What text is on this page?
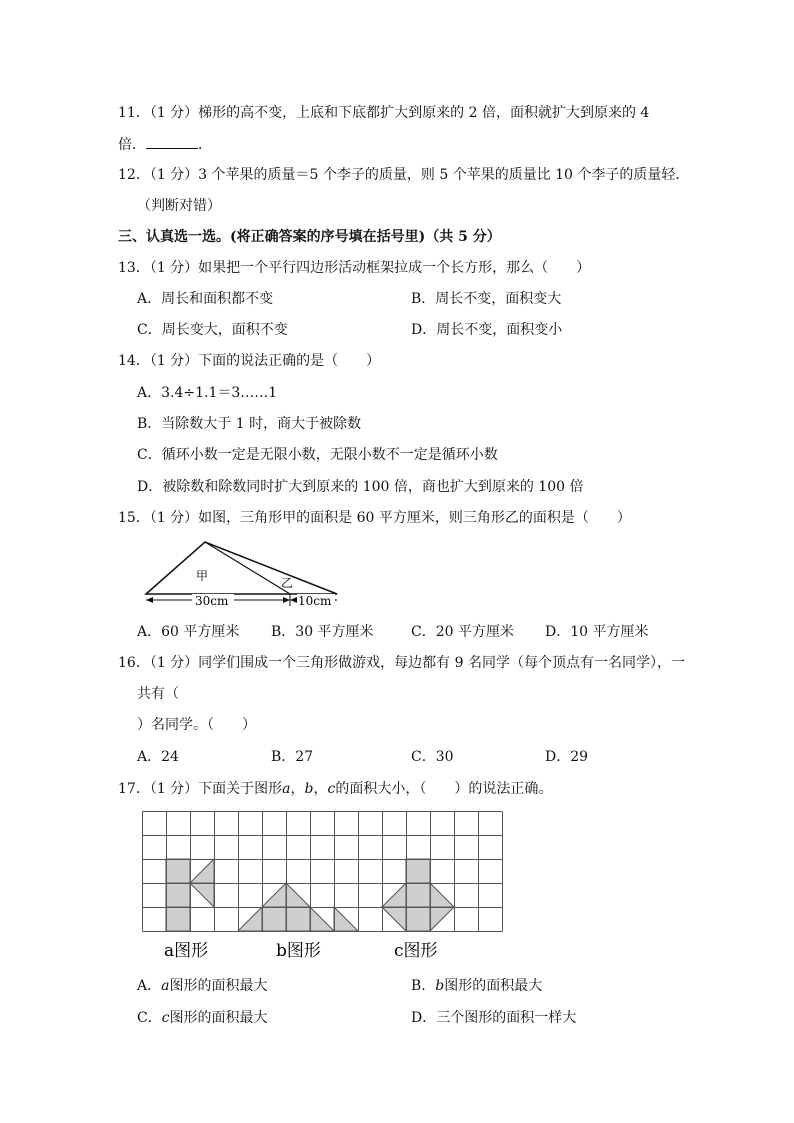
11．（1 分）梯形的高不变，上底和下底都扩大到原来的 2 倍，面积就扩大到原来的 4
倍．	．
12．（1 分）3 个苹果的质量＝5 个李子的质量，则 5 个苹果的质量比 10 个李子的质量轻．
（判断对错）
三、认真选一选。(将正确答案的序号填在括号里)（共 5 分）
13．（1 分）如果把一个平行四边形活动框架拉成一个长方形，那么（　　）
A．周长和面积都不变	B．周长不变，面积变大
C．周长变大，面积不变	D．周长不变，面积变小
14．（1 分）下面的说法正确的是（　　）
A．3.4÷1.1＝3……1
B．当除数大于 1 时，商大于被除数
C．循环小数一定是无限小数，无限小数不一定是循环小数
D．被除数和除数同时扩大到原来的 100 倍，商也扩大到原来的 100 倍
15．（1 分）如图，三角形甲的面积是 60 平方厘米，则三角形乙的面积是（　　）
甲	乙
30cm	10cm
A．60 平方厘米 B．30 平方厘米	C．20 平方厘米 D．10 平方厘米
16．（1 分）同学们围成一个三角形做游戏，每边都有 9 名同学（每个顶点有一名同学），一
共有（
）名同学。（　　）
A．24	B．27	C．30	D．29
17．（1 分）下面关于图形a，b，c的面积大小，（　　）的说法正确。
a图形	b图形	c图形
A．a图形的面积最大	B．b图形的面积最大
C．c图形的面积最大	D．三个图形的面积一样大
